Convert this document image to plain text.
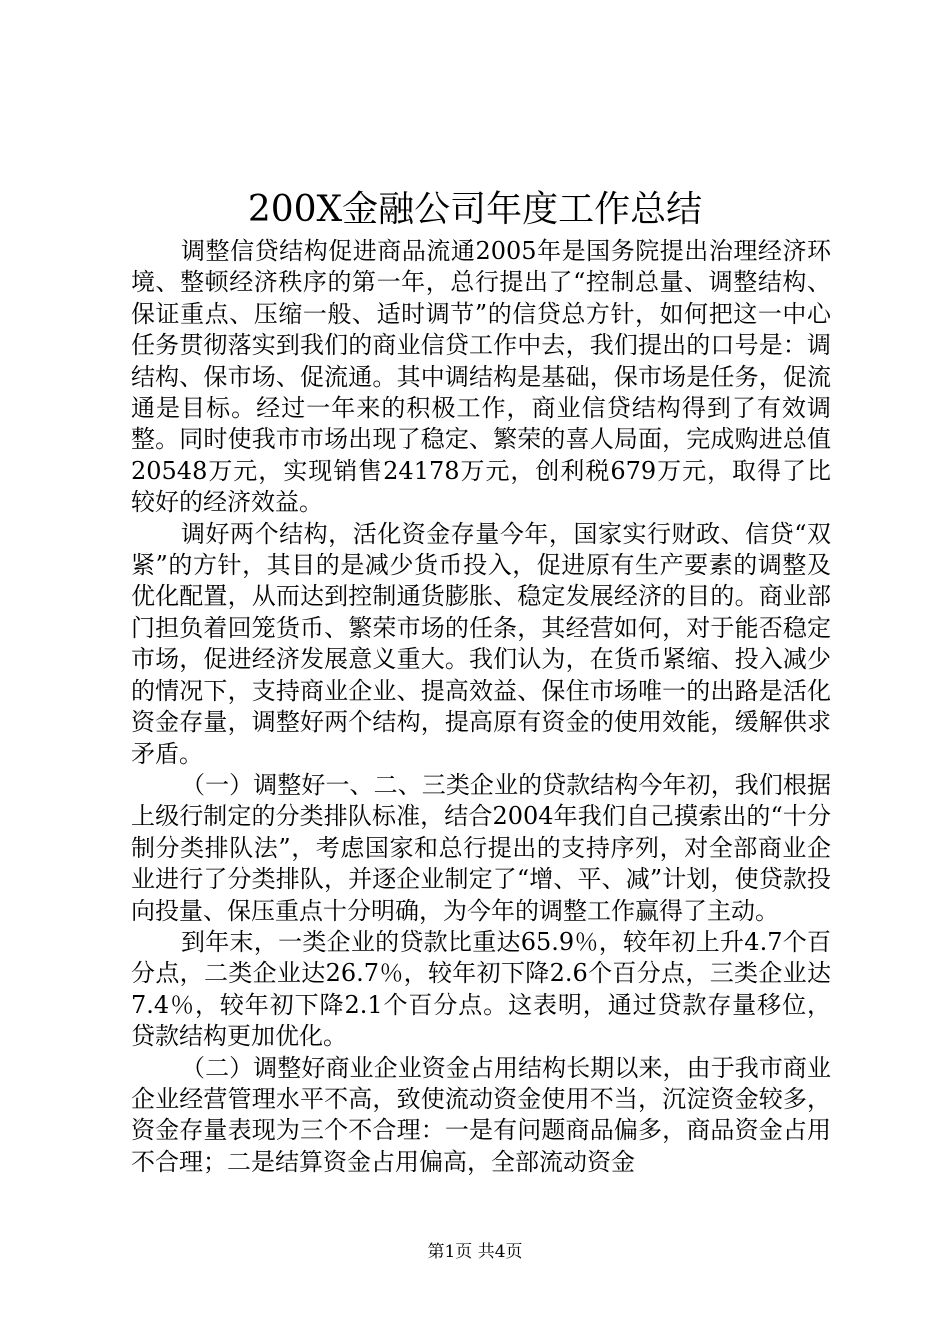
200X金融公司年度工作总结

调整信贷结构促进商品流通2005年是国务院提出治理经济环境、整顿经济秩序的第一年，总行提出了“控制总量、调整结构、保证重点、压缩一般、适时调节”的信贷总方针，如何把这一中心任务贯彻落实到我们的商业信贷工作中去，我们提出的口号是：调结构、保市场、促流通。其中调结构是基础，保市场是任务，促流通是目标。经过一年来的积极工作，商业信贷结构得到了有效调整。同时使我市市场出现了稳定、繁荣的喜人局面，完成购进总值20548万元，实现销售24178万元，创利税679万元，取得了比较好的经济效益。

调好两个结构，活化资金存量今年，国家实行财政、信贷“双紧”的方针，其目的是减少货币投入，促进原有生产要素的调整及优化配置，从而达到控制通货膨胀、稳定发展经济的目的。商业部门担负着回笼货币、繁荣市场的任条，其经营如何，对于能否稳定市场，促进经济发展意义重大。我们认为，在货币紧缩、投入减少的情况下，支持商业企业、提高效益、保住市场唯一的出路是活化资金存量，调整好两个结构，提高原有资金的使用效能，缓解供求矛盾。

（一）调整好一、二、三类企业的贷款结构今年初，我们根据上级行制定的分类排队标准，结合2004年我们自己摸索出的“十分制分类排队法”，考虑国家和总行提出的支持序列，对全部商业企业进行了分类排队，并逐企业制定了“增、平、减”计划，使贷款投向投量、保压重点十分明确，为今年的调整工作赢得了主动。

到年末，一类企业的贷款比重达65.9％，较年初上升4.7个百分点，二类企业达26.7％，较年初下降2.6个百分点，三类企业达7.4％，较年初下降2.1个百分点。这表明，通过贷款存量移位，贷款结构更加优化。

（二）调整好商业企业资金占用结构长期以来，由于我市商业企业经营管理水平不高，致使流动资金使用不当，沉淀资金较多，资金存量表现为三个不合理：一是有问题商品偏多，商品资金占用不合理；二是结算资金占用偏高，全部流动资金

第1页 共4页
